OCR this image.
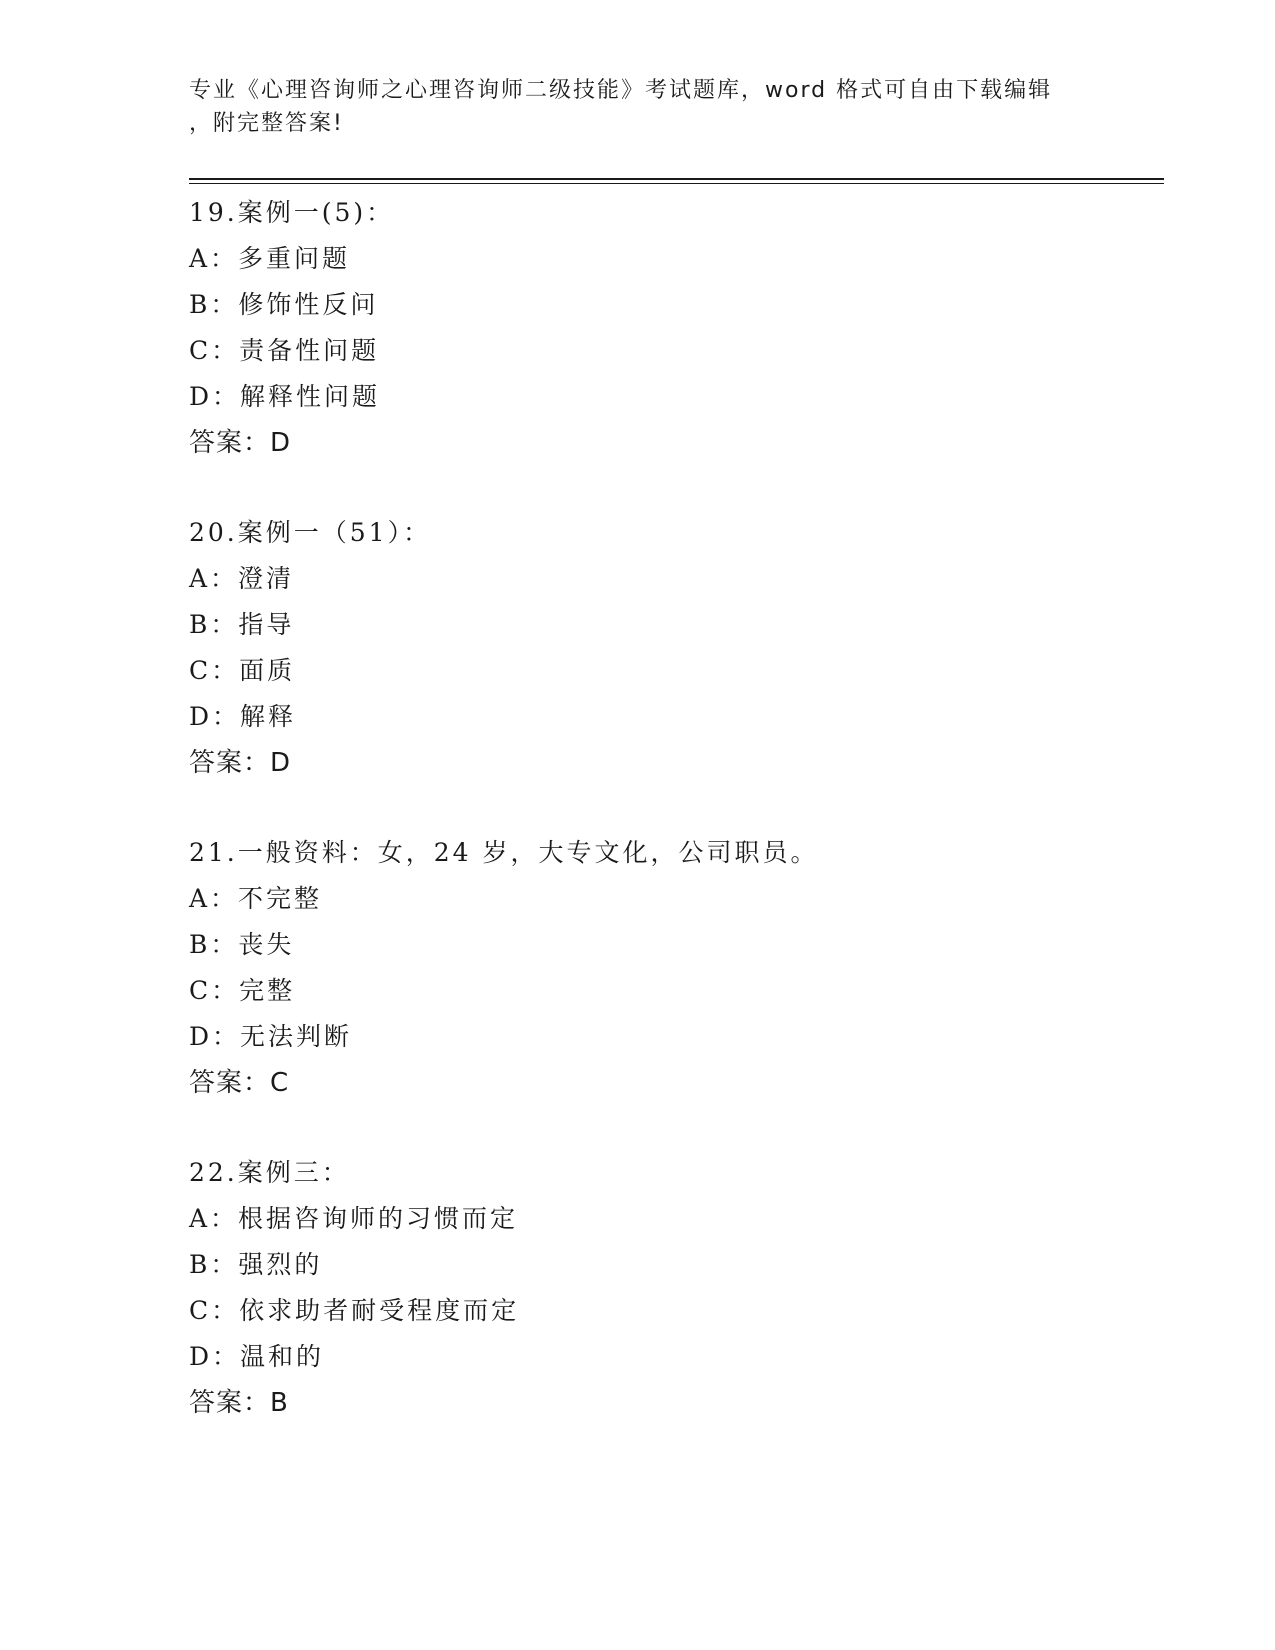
专业《心理咨询师之心理咨询师二级技能》考试题库，word 格式可自由下载编辑
，附完整答案!
19.案例一(5)：
A：多重问题
B：修饰性反问
C：责备性问题
D：解释性问题
答案：D
20.案例一（51）：
A：澄清
B：指导
C：面质
D：解释
答案：D
21.一般资料：女，24 岁，大专文化，公司职员。
A：不完整
B：丧失
C：完整
D：无法判断
答案：C
22.案例三：
A：根据咨询师的习惯而定
B：强烈的
C：依求助者耐受程度而定
D：温和的
答案：B
